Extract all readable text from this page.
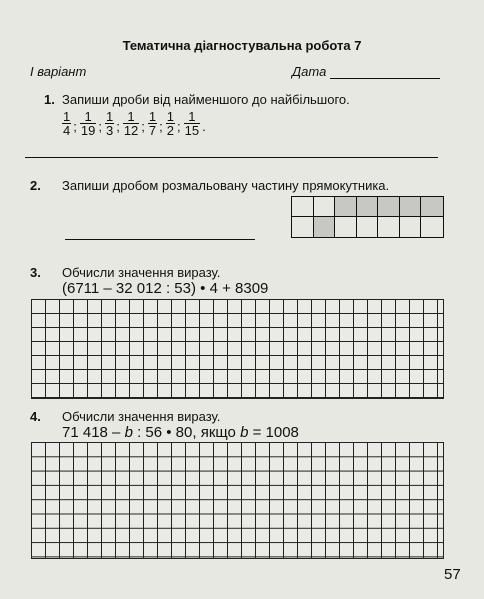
Тематична діагностувальна робота 7
І варіант	Дата
1. Запиши дроби від найменшого до найбільшого.
$\frac{1}{4}$ ; $\frac{1}{19}$ ; $\frac{1}{3}$ ; $\frac{1}{12}$ ; $\frac{1}{7}$ ; $\frac{1}{2}$ ; $\frac{1}{15}$ .
2. Запиши дробом розмальовану частину прямокутника.
3. Обчисли значення виразу.
(6711 – 32 012 : 53) • 4 + 8309
4. Обчисли значення виразу.
71 418 – b : 56 • 80, якщо b = 1008
57
